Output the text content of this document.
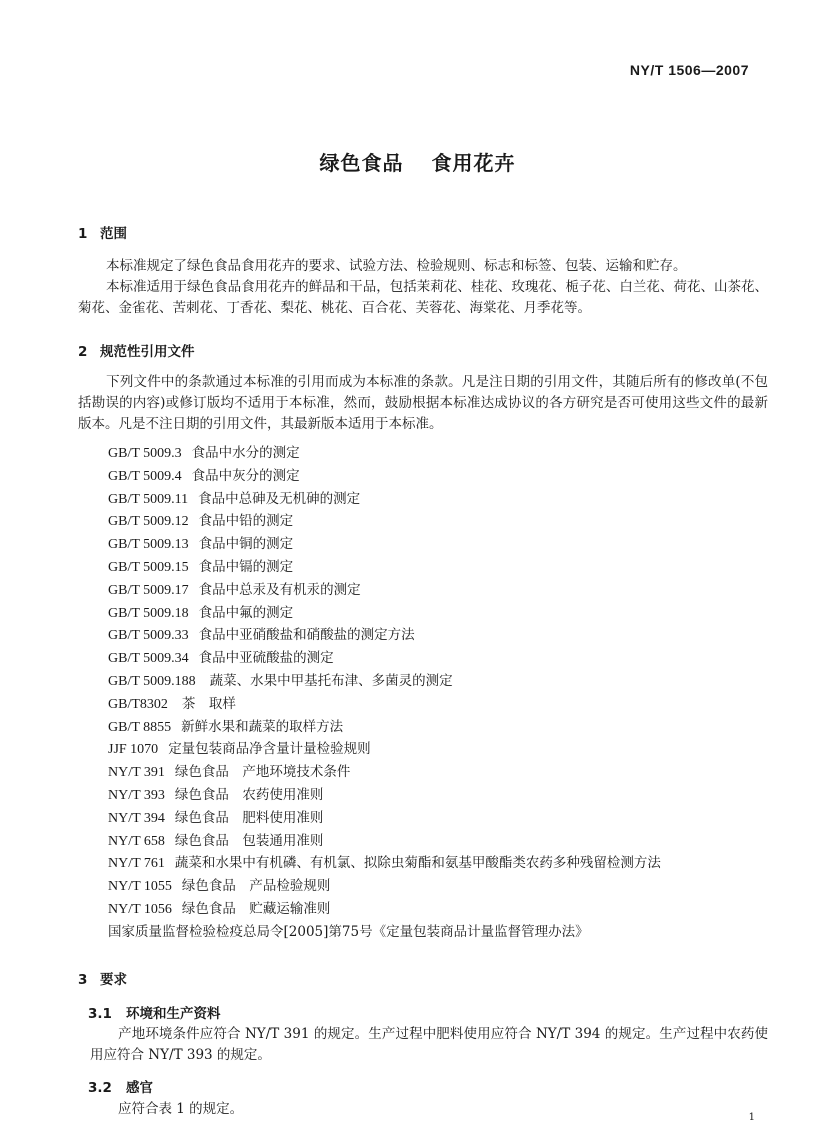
NY/T 1506—2007
绿色食品 食用花卉
1 范围
本标准规定了绿色食品食用花卉的要求、试验方法、检验规则、标志和标签、包装、运输和贮存。
本标准适用于绿色食品食用花卉的鲜品和干品，包括茉莉花、桂花、玫瑰花、栀子花、白兰花、荷花、山茶花、菊花、金雀花、苦刺花、丁香花、梨花、桃花、百合花、芙蓉花、海棠花、月季花等。
2 规范性引用文件
下列文件中的条款通过本标准的引用而成为本标准的条款。凡是注日期的引用文件，其随后所有的修改单(不包括勘误的内容)或修订版均不适用于本标准，然而，鼓励根据本标准达成协议的各方研究是否可使用这些文件的最新版本。凡是不注日期的引用文件，其最新版本适用于本标准。
GB/T 5009.3 食品中水分的测定
GB/T 5009.4 食品中灰分的测定
GB/T 5009.11 食品中总砷及无机砷的测定
GB/T 5009.12 食品中铅的测定
GB/T 5009.13 食品中铜的测定
GB/T 5009.15 食品中镉的测定
GB/T 5009.17 食品中总汞及有机汞的测定
GB/T 5009.18 食品中氟的测定
GB/T 5009.33 食品中亚硝酸盐和硝酸盐的测定方法
GB/T 5009.34 食品中亚硫酸盐的测定
GB/T 5009.188 蔬菜、水果中甲基托布津、多菌灵的测定
GB/T8302 茶　取样
GB/T 8855 新鲜水果和蔬菜的取样方法
JJF 1070 定量包装商品净含量计量检验规则
NY/T 391 绿色食品　产地环境技术条件
NY/T 393 绿色食品　农药使用准则
NY/T 394 绿色食品　肥料使用准则
NY/T 658 绿色食品　包装通用准则
NY/T 761 蔬菜和水果中有机磷、有机氯、拟除虫菊酯和氨基甲酸酯类农药多种残留检测方法
NY/T 1055 绿色食品　产品检验规则
NY/T 1056 绿色食品　贮藏运输准则
国家质量监督检验检疫总局令[2005]第75号《定量包装商品计量监督管理办法》
3 要求
3.1 环境和生产资料
产地环境条件应符合 NY/T 391 的规定。生产过程中肥料使用应符合 NY/T 394 的规定。生产过程中农药使用应符合 NY/T 393 的规定。
3.2 感官
应符合表 1 的规定。
1
